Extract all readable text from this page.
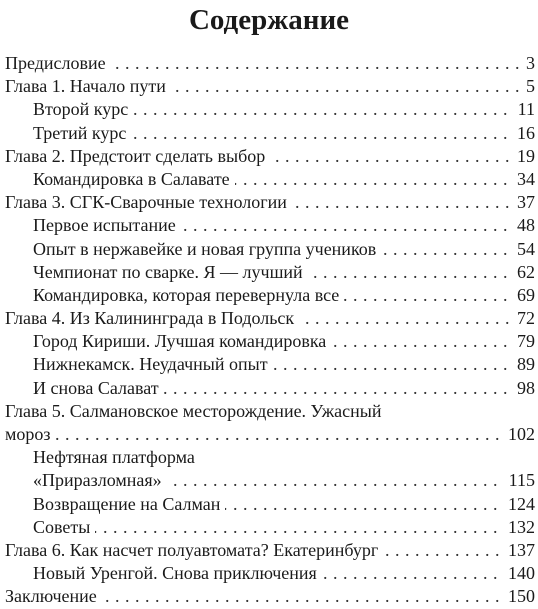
Содержание
. . .
Предисловие	3
. . .
Глава 1. Начало пути	5
. . .
Второй курс	11
. . .
Третий курс	16
. . .
Глава 2. Предстоит сделать выбор	19
. . .
Командировка в Салавате	34
. . .
Глава 3. СГК-Сварочные технологии	37
. . .
Первое испытание	48
. . .
Опыт в нержавейке и новая группа учеников	54
. . .
Чемпионат по сварке. Я — лучший	62
. . .
Командировка, которая перевернула все	69
. . .
Глава 4. Из Калининграда в Подольск	72
. . .
Город Кириши. Лучшая командировка	79
. . .
Нижнекамск. Неудачный опыт	89
. . .
И снова Салават	98
Глава 5. Салмановское месторождение. Ужасный
. . .
мороз	102
Нефтяная платформа
. . .
«Приразломная»	115
. . .
Возвращение на Салман	124
. . .
Советы	132
. . .
Глава 6. Как насчет полуавтомата? Екатеринбург	137
. . .
Новый Уренгой. Снова приключения	140
. . .
Заключение	150
